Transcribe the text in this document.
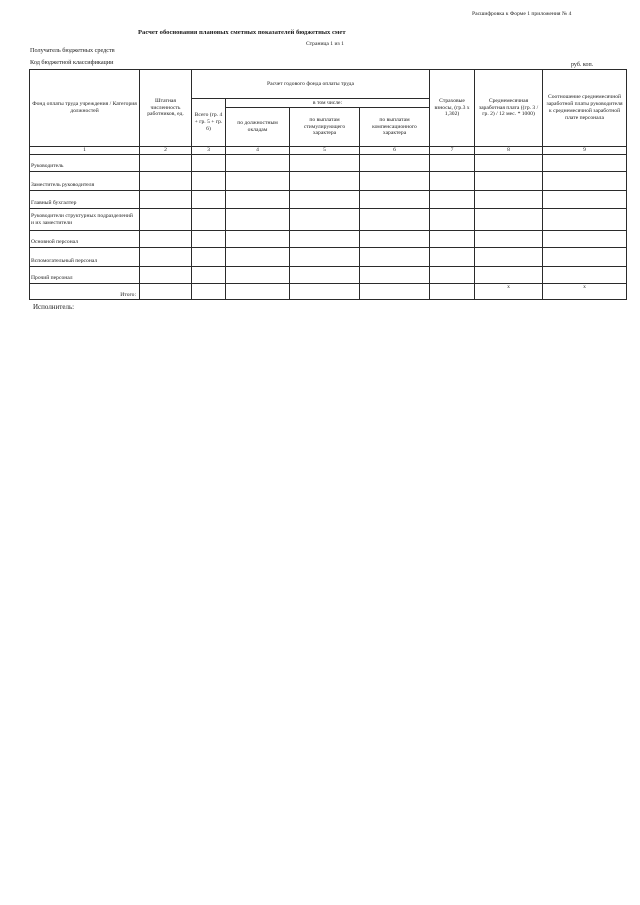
Расшифровка к Форме 1 приложения № 4
Расчет обоснования плановых сметных показателей бюджетных смет
Страница 1 из 1
Получатель бюджетных средств
Код бюджетной классификации	руб. коп.
Фонд оплаты труда учреждения / Категория должностей	Штатная численность работников, ед.	Расчет годового фонда оплаты труда				Страховые взносы, (гр.3 х 1,302)	Среднемесячная заработная плата ((гр. 3 / гр. 2) / 12 мес. * 1000)	Соотношение среднемесячной заработной платы руководителя к среднемесячной заработной плате персонала
		Всего (гр. 4 + гр. 5 + гр. 6)	в том числе:					
			по должностным окладам	по выплатам стимулирующего характера	по выплатам компенсационного характера			
1	2	3	4	5	6	7	8	9
Руководитель								
Заместитель руководителя								
Главный бухгалтер								
Руководители структурных подразделений и их заместители								
Основной персонал								
Вспомогательный персонал								
Прочий персонал								
Итого:							х	х
Исполнитель:
